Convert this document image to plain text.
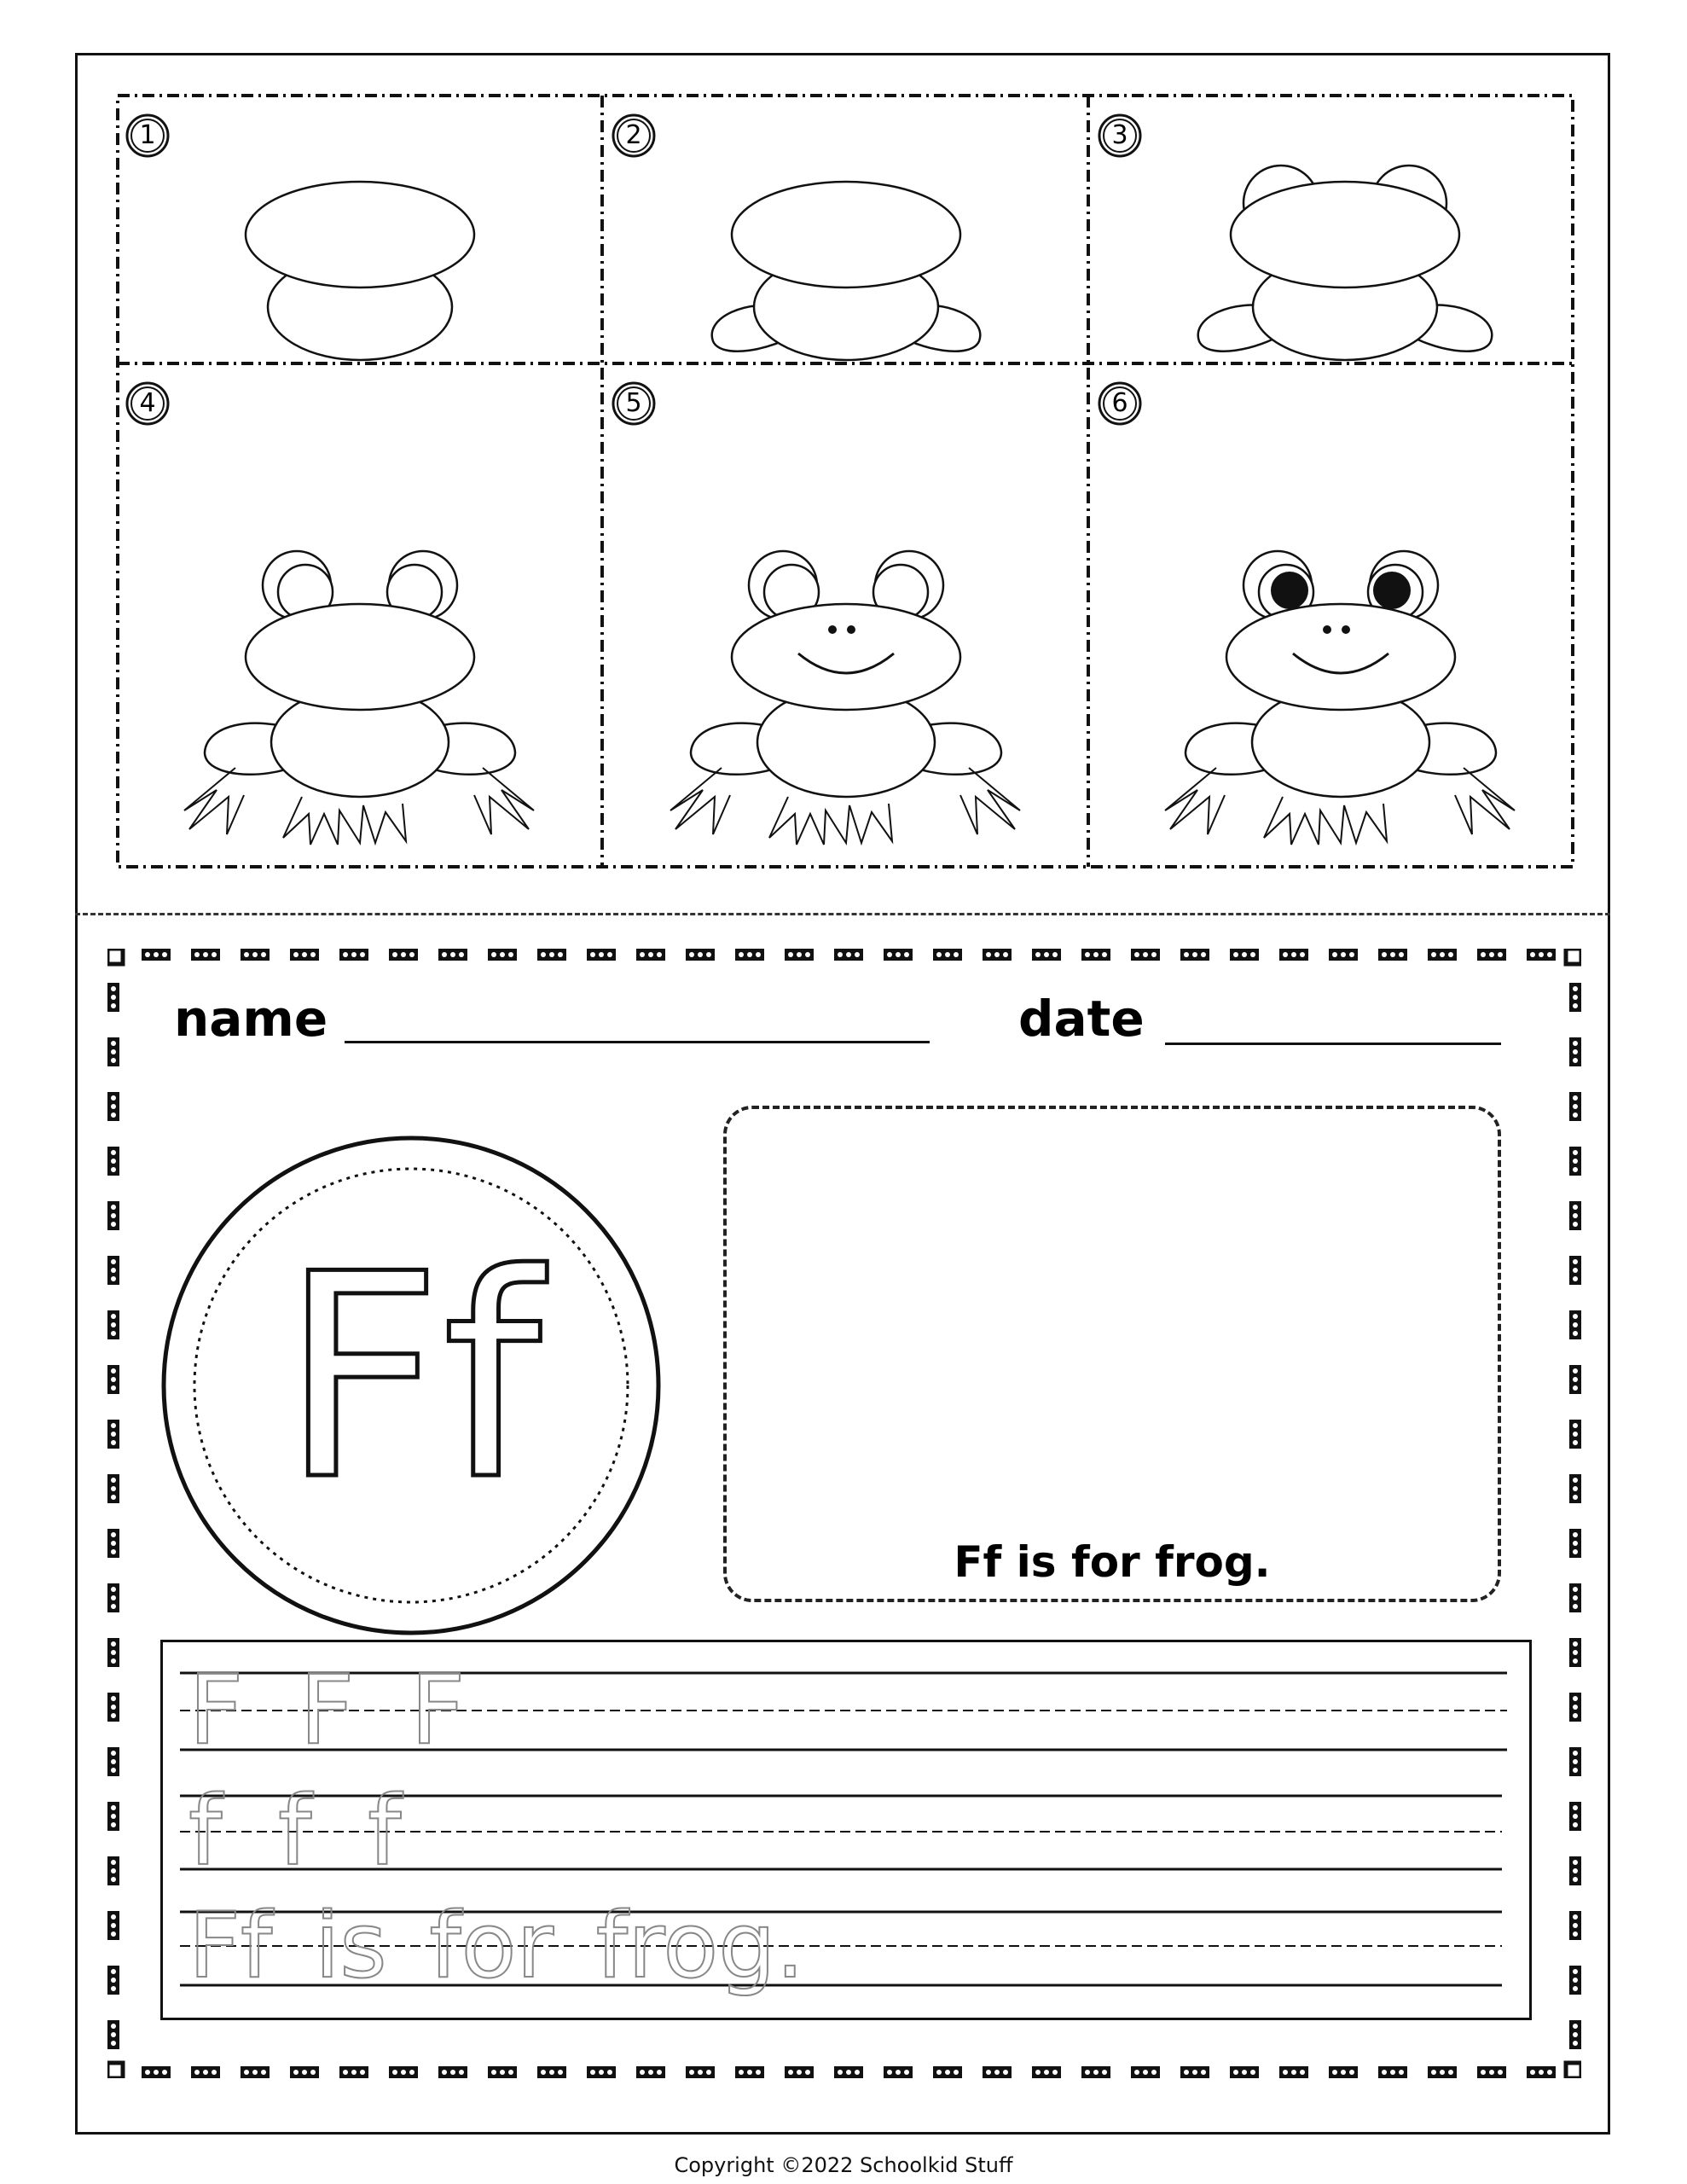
1	2	3
4	5	6
name	date
Ff
Ff is for frog.
F F F
f f f
Ff is for frog.
Copyright ©2022 Schoolkid Stuff
